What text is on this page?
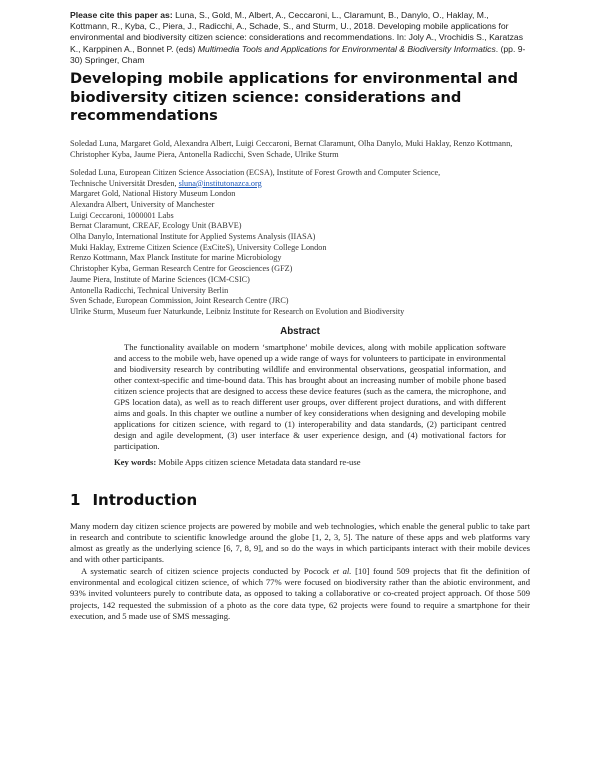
Please cite this paper as: Luna, S., Gold, M., Albert, A., Ceccaroni, L., Claramunt, B., Danylo, O., Haklay, M., Kottmann, R., Kyba, C., Piera, J., Radicchi, A., Schade, S., and Sturm, U., 2018. Developing mobile applications for environmental and biodiversity citizen science: considerations and recommendations. In: Joly A., Vrochidis S., Karatzas K., Karppinen A., Bonnet P. (eds) Multimedia Tools and Applications for Environmental & Biodiversity Informatics. (pp. 9-30) Springer, Cham
Developing mobile applications for environmental and biodiversity citizen science: considerations and recommendations
Soledad Luna, Margaret Gold, Alexandra Albert, Luigi Ceccaroni, Bernat Claramunt, Olha Danylo, Muki Haklay, Renzo Kottmann, Christopher Kyba, Jaume Piera, Antonella Radicchi, Sven Schade, Ulrike Sturm
Soledad Luna, European Citizen Science Association (ECSA), Institute of Forest Growth and Computer Science,
Technische Universität Dresden, sluna@institutonazca.org
Margaret Gold, National History Museum London
Alexandra Albert, University of Manchester
Luigi Ceccaroni, 1000001 Labs
Bernat Claramunt, CREAF, Ecology Unit (BABVE)
Olha Danylo, International Institute for Applied Systems Analysis (IIASA)
Muki Haklay, Extreme Citizen Science (ExCiteS), University College London
Renzo Kottmann, Max Planck Institute for marine Microbiology
Christopher Kyba, German Research Centre for Geosciences (GFZ)
Jaume Piera, Institute of Marine Sciences (ICM-CSIC)
Antonella Radicchi, Technical University Berlin
Sven Schade, European Commission, Joint Research Centre (JRC)
Ulrike Sturm, Museum fuer Naturkunde, Leibniz Institute for Research on Evolution and Biodiversity
Abstract
The functionality available on modern ‘smartphone’ mobile devices, along with mobile application software and access to the mobile web, have opened up a wide range of ways for volunteers to participate in environmental and biodiversity research by contributing wildlife and environmental observations, geospatial information, and other context-specific and time-bound data. This has brought about an increasing number of mobile phone based citizen science projects that are designed to access these device features (such as the camera, the microphone, and GPS location data), as well as to reach different user groups, over different project durations, and with different aims and goals. In this chapter we outline a number of key considerations when designing and developing mobile applications for citizen science, with regard to (1) interoperability and data standards, (2) participant centred design and agile development, (3) user interface & user experience design, and (4) motivational factors for participation.
Key words: Mobile Apps citizen science Metadata data standard re-use
1 Introduction
Many modern day citizen science projects are powered by mobile and web technologies, which enable the general public to take part in research and contribute to scientific knowledge around the globe [1, 2, 3, 5]. The nature of these apps and web platforms vary almost as greatly as the underlying science [6, 7, 8, 9], and so do the ways in which participants interact with their mobile devices and with other participants.
A systematic search of citizen science projects conducted by Pocock et al. [10] found 509 projects that fit the definition of environmental and ecological citizen science, of which 77% were focused on biodiversity rather than the abiotic environment, and 93% invited volunteers purely to contribute data, as opposed to taking a collaborative or co-created project approach. Of those 509 projects, 142 requested the submission of a photo as the core data type, 62 projects were found to require a smartphone for their execution, and 5 made use of SMS messaging.
